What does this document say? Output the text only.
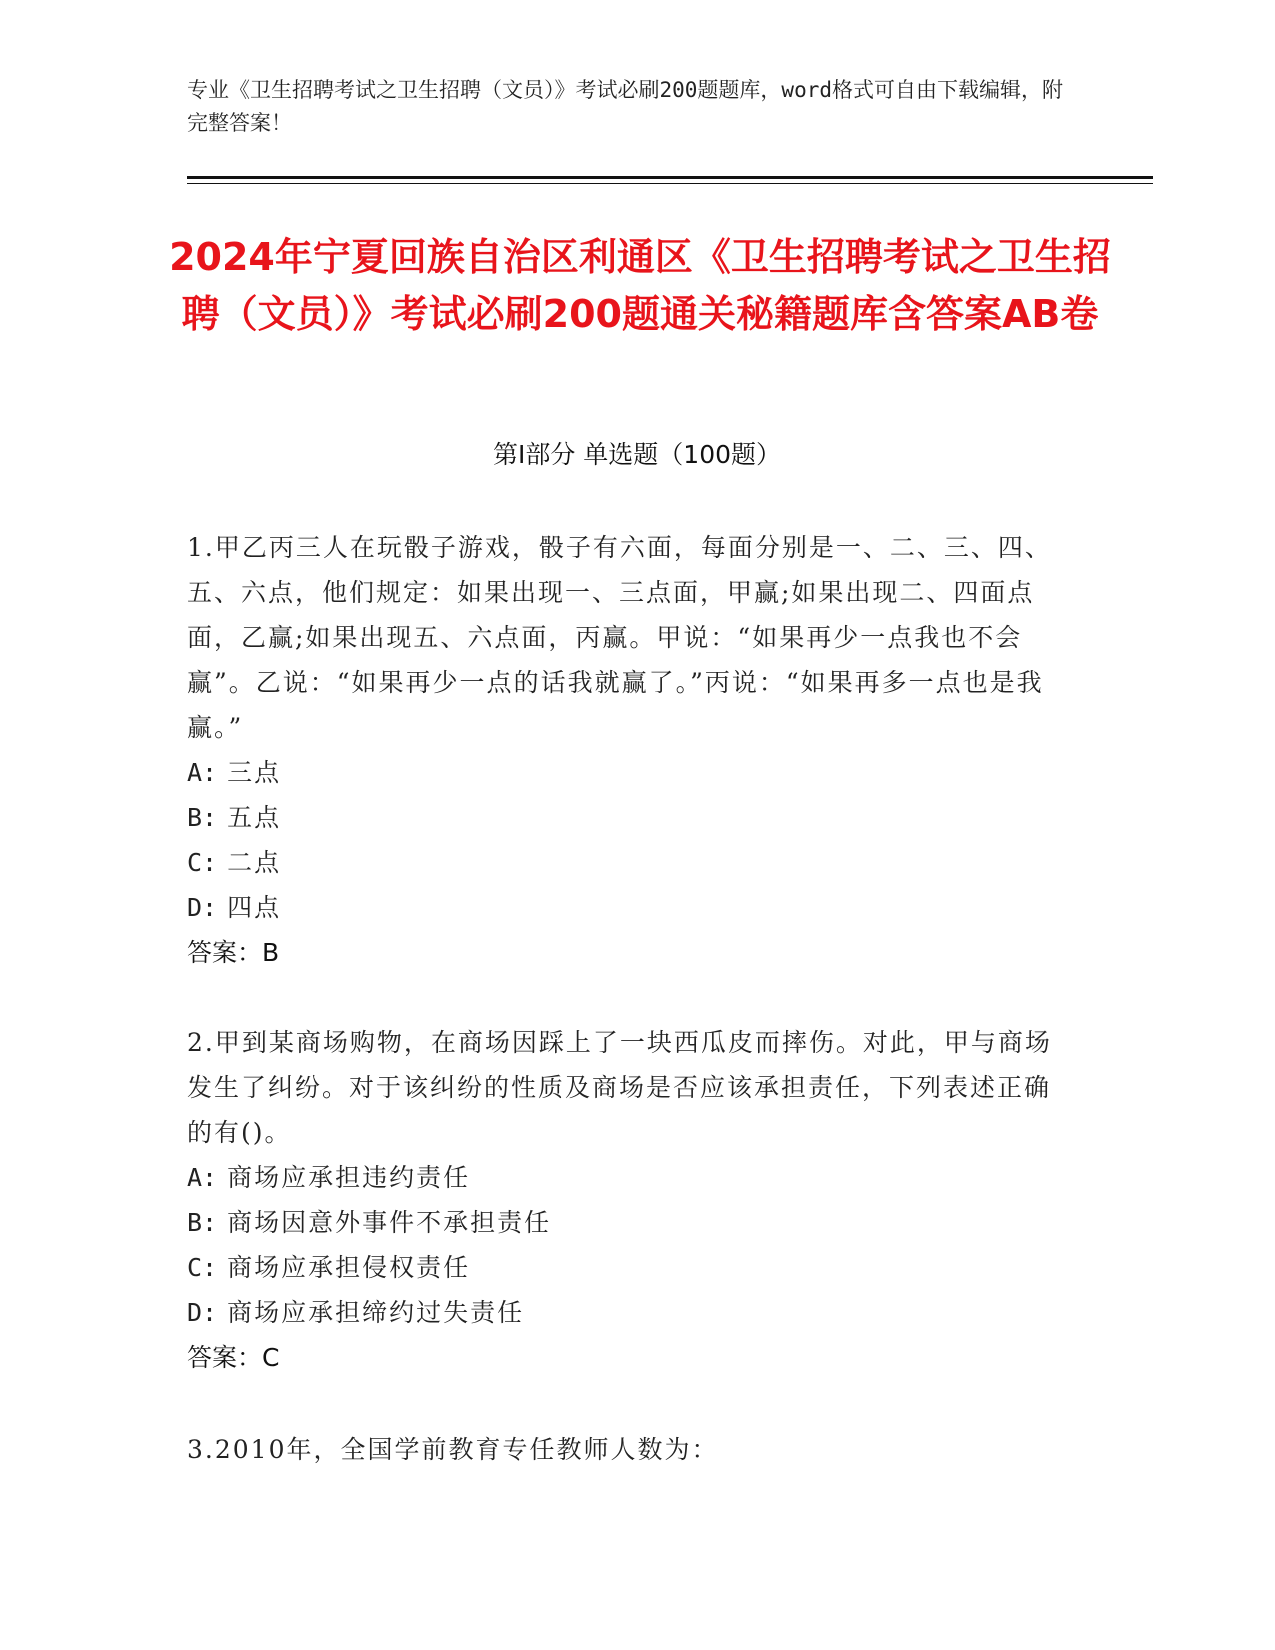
专业《卫生招聘考试之卫生招聘（文员）》考试必刷200题题库，word格式可自由下载编辑，附完整答案！
2024年宁夏回族自治区利通区《卫生招聘考试之卫生招聘（文员）》考试必刷200题通关秘籍题库含答案AB卷
第Ⅰ部分 单选题（100题）
1.甲乙丙三人在玩骰子游戏，骰子有六面，每面分别是一、二、三、四、五、六点，他们规定：如果出现一、三点面，甲赢;如果出现二、四面点面，乙赢;如果出现五、六点面，丙赢。甲说：“如果再少一点我也不会赢”。乙说：“如果再少一点的话我就赢了。”丙说：“如果再多一点也是我赢。”
A: 三点
B: 五点
C: 二点
D: 四点
答案：B
2.甲到某商场购物，在商场因踩上了一块西瓜皮而摔伤。对此，甲与商场发生了纠纷。对于该纠纷的性质及商场是否应该承担责任，下列表述正确的有()。
A: 商场应承担违约责任
B: 商场因意外事件不承担责任
C: 商场应承担侵权责任
D: 商场应承担缔约过失责任
答案：C
3.2010年，全国学前教育专任教师人数为：
